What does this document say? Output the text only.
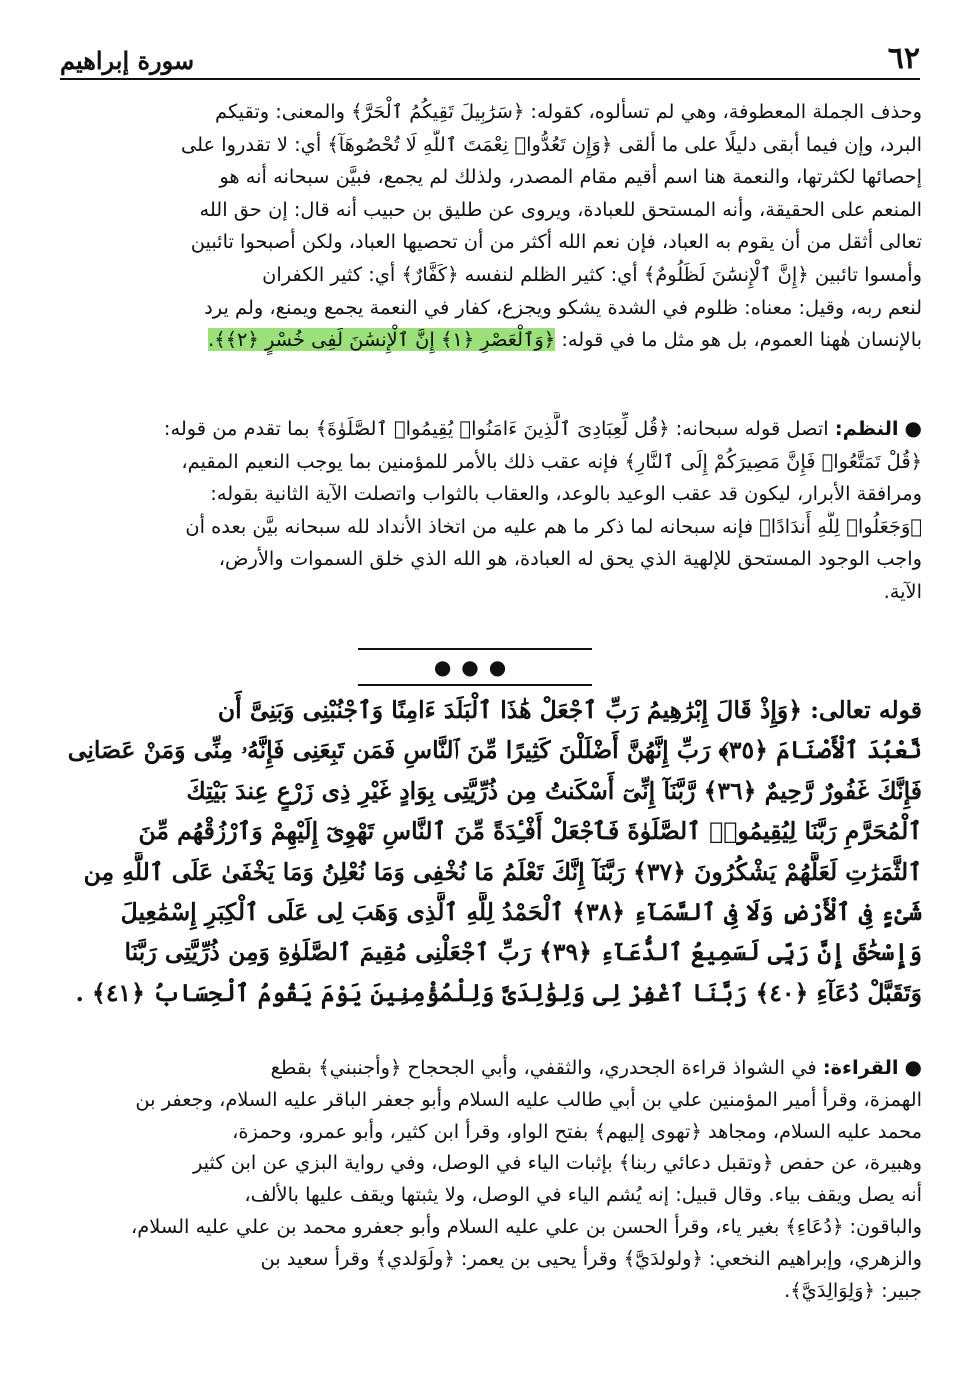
٦٢
سورة إبراهيم
وحذف الجملة المعطوفة، وهي لم تسألوه، كقوله: ﴿سَرَٰبِيلَ تَقِيكُمُ ٱلْحَرَّ﴾ والمعنى: وتقيكم
البرد، وإن فيما أبقى دليلًا على ما ألقى ﴿وَإِن تَعُدُّوا۟ نِعْمَتَ ٱللَّهِ لَا تُحْصُوهَآ﴾ أي: لا تقدروا على
إحصائها لكثرتها، والنعمة هنا اسم أقيم مقام المصدر، ولذلك لم يجمع، فبيَّن سبحانه أنه هو
المنعم على الحقيقة، وأنه المستحق للعبادة، ويروى عن طليق بن حبيب أنه قال: إن حق الله
تعالى أثقل من أن يقوم به العباد، فإن نعم الله أكثر من أن تحصيها العباد، ولكن أصبحوا تائبين
وأمسوا تائبين ﴿إِنَّ ٱلْإِنسَٰنَ لَظَلُومٌ﴾ أي: كثير الظلم لنفسه ﴿كَفَّارٌ﴾ أي: كثير الكفران
لنعم ربه، وقيل: معناه: ظلوم في الشدة يشكو ويجزع، كفار في النعمة يجمع ويمنع، ولم يرد
بالإنسان هٰهنا العموم، بل هو مثل ما في قوله: ﴿وَٱلْعَصْرِ ﴿١﴾ إِنَّ ٱلْإِنسَٰنَ لَفِى خُسْرٍ ﴿٢﴾﴾.
●النظم: اتصل قوله سبحانه: ﴿قُل لِّعِبَادِىَ ٱلَّذِينَ ءَامَنُوا۟ يُقِيمُوا۟ ٱلصَّلَوٰةَ﴾ بما تقدم من قوله:
﴿قُلْ تَمَتَّعُوا۟ فَإِنَّ مَصِيرَكُمْ إِلَى ٱلنَّارِ﴾ فإنه عقب ذلك بالأمر للمؤمنين بما يوجب النعيم المقيم،
ومرافقة الأبرار، ليكون قد عقب الوعيد بالوعد، والعقاب بالثواب واتصلت الآية الثانية بقوله:
﴿وَجَعَلُوا۟ لِلَّهِ أَندَادًا﴾ فإنه سبحانه لما ذكر ما هم عليه من اتخاذ الأنداد لله سبحانه بيَّن بعده أن
واجب الوجود المستحق للإلهية الذي يحق له العبادة، هو الله الذي خلق السموات والأرض،
الآية.
●●●
قوله تعالى: ﴿وَإِذْ قَالَ إِبْرَٰهِيمُ رَبِّ ٱجْعَلْ هَٰذَا ٱلْبَلَدَ ءَامِنًا وَٱجْنُبْنِى وَبَنِىَّ أَن
نَّعْبُدَ ٱلْأَصْنَامَ ﴿٣٥﴾ رَبِّ إِنَّهُنَّ أَضْلَلْنَ كَثِيرًا مِّنَ ٱلنَّاسِ فَمَن تَبِعَنِى فَإِنَّهُۥ مِنِّى وَمَنْ عَصَانِى
فَإِنَّكَ غَفُورٌ رَّحِيمٌ ﴿٣٦﴾ رَّبَّنَآ إِنِّىٓ أَسْكَنتُ مِن ذُرِّيَّتِى بِوَادٍ غَيْرِ ذِى زَرْعٍ عِندَ بَيْتِكَ
ٱلْمُحَرَّمِ رَبَّنَا لِيُقِيمُوا۟ ٱلصَّلَوٰةَ فَٱجْعَلْ أَفْـِٔدَةً مِّنَ ٱلنَّاسِ تَهْوِىٓ إِلَيْهِمْ وَٱرْزُقْهُم مِّنَ
ٱلثَّمَرَٰتِ لَعَلَّهُمْ يَشْكُرُونَ ﴿٣٧﴾ رَبَّنَآ إِنَّكَ تَعْلَمُ مَا نُخْفِى وَمَا نُعْلِنُ وَمَا يَخْفَىٰ عَلَى ٱللَّهِ مِن
شَىْءٍ فِى ٱلْأَرْضِ وَلَا فِى ٱلسَّمَآءِ ﴿٣٨﴾ ٱلْحَمْدُ لِلَّهِ ٱلَّذِى وَهَبَ لِى عَلَى ٱلْكِبَرِ إِسْمَٰعِيلَ
وَإِسْحَٰقَ إِنَّ رَبِّى لَسَمِيعُ ٱلدُّعَآءِ ﴿٣٩﴾ رَبِّ ٱجْعَلْنِى مُقِيمَ ٱلصَّلَوٰةِ وَمِن ذُرِّيَّتِى رَبَّنَا
وَتَقَبَّلْ دُعَآءِ ﴿٤٠﴾ رَبَّنَا ٱغْفِرْ لِى وَلِوَٰلِدَىَّ وَلِلْمُؤْمِنِينَ يَوْمَ يَقُومُ ٱلْحِسَابُ ﴿٤١﴾ .
●القراءة: في الشواذ قراءة الجحدري، والثقفي، وأبي الجحجاح ﴿وأجنبني﴾ بقطع
الهمزة، وقرأ أمير المؤمنين علي بن أبي طالب عليه السلام وأبو جعفر الباقر عليه السلام، وجعفر بن
محمد عليه السلام، ومجاهد ﴿تهوى إليهم﴾ بفتح الواو، وقرأ ابن كثير، وأبو عمرو، وحمزة،
وهبيرة، عن حفص ﴿وتقبل دعائي ربنا﴾ بإثبات الياء في الوصل، وفي رواية البزي عن ابن كثير
أنه يصل ويقف بياء. وقال قبيل: إنه يُشم الياء في الوصل، ولا يثبتها ويقف عليها بالألف،
والباقون: ﴿دُعَاءِ﴾ بغير ياء، وقرأ الحسن بن علي عليه السلام وأبو جعفرو محمد بن علي عليه السلام،
والزهري، وإبراهيم النخعي: ﴿ولولدَيَّ﴾ وقرأ يحيى بن يعمر: ﴿ولَوَلدي﴾ وقرأ سعيد بن
جبير: ﴿وَلِوَالِدَيَّ﴾.
